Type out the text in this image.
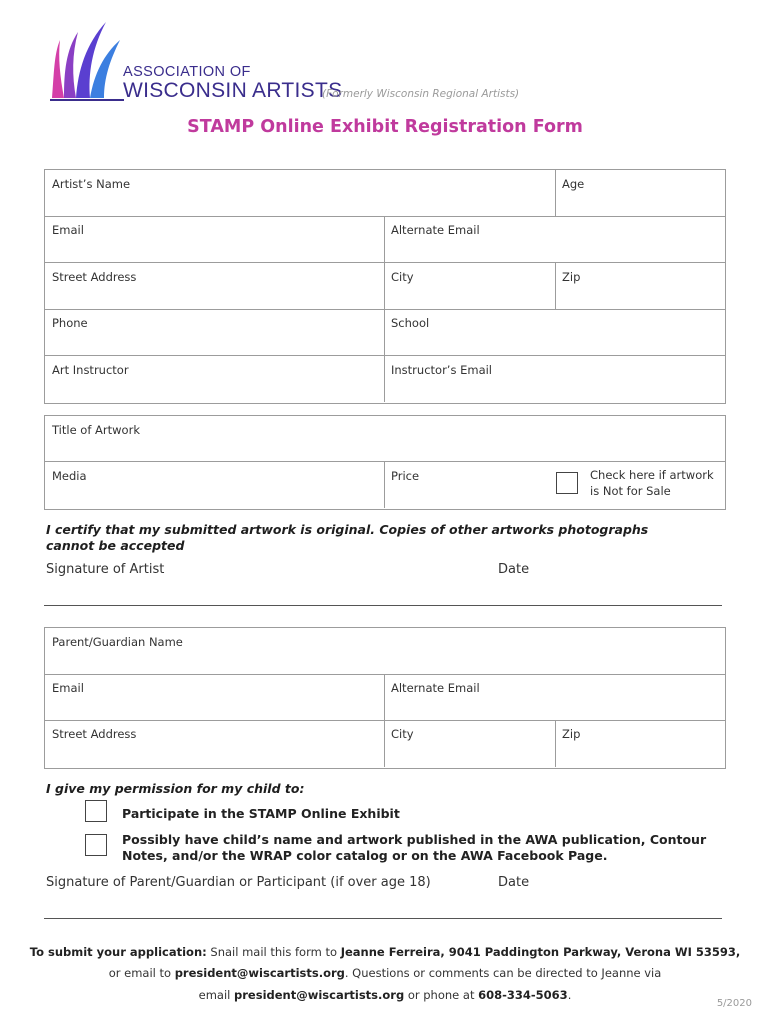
ASSOCIATION OF
WISCONSIN ARTISTS
(Formerly Wisconsin Regional Artists)
STAMP Online Exhibit Registration Form
Artist’s Name	Age
Email	Alternate Email
Street Address	City	Zip
Phone	School
Art Instructor	Instructor’s Email
Title of Artwork
Media	Price	Check here if artwork
is Not for Sale
I certify that my submitted artwork is original. Copies of other artworks photographs
cannot be accepted
Signature of Artist	Date
Parent/Guardian Name
Email	Alternate Email
Street Address	City	Zip
I give my permission for my child to:
Participate in the STAMP Online Exhibit
Possibly have child’s name and artwork published in the AWA publication, Contour
Notes, and/or the WRAP color catalog or on the AWA Facebook Page.
Signature of Parent/Guardian or Participant (if over age 18)	Date
To submit your application: Snail mail this form to Jeanne Ferreira, 9041 Paddington Parkway, Verona WI 53593,
or email to president@wiscartists.org. Questions or comments can be directed to Jeanne via
email president@wiscartists.org or phone at 608-334-5063.
5/2020
